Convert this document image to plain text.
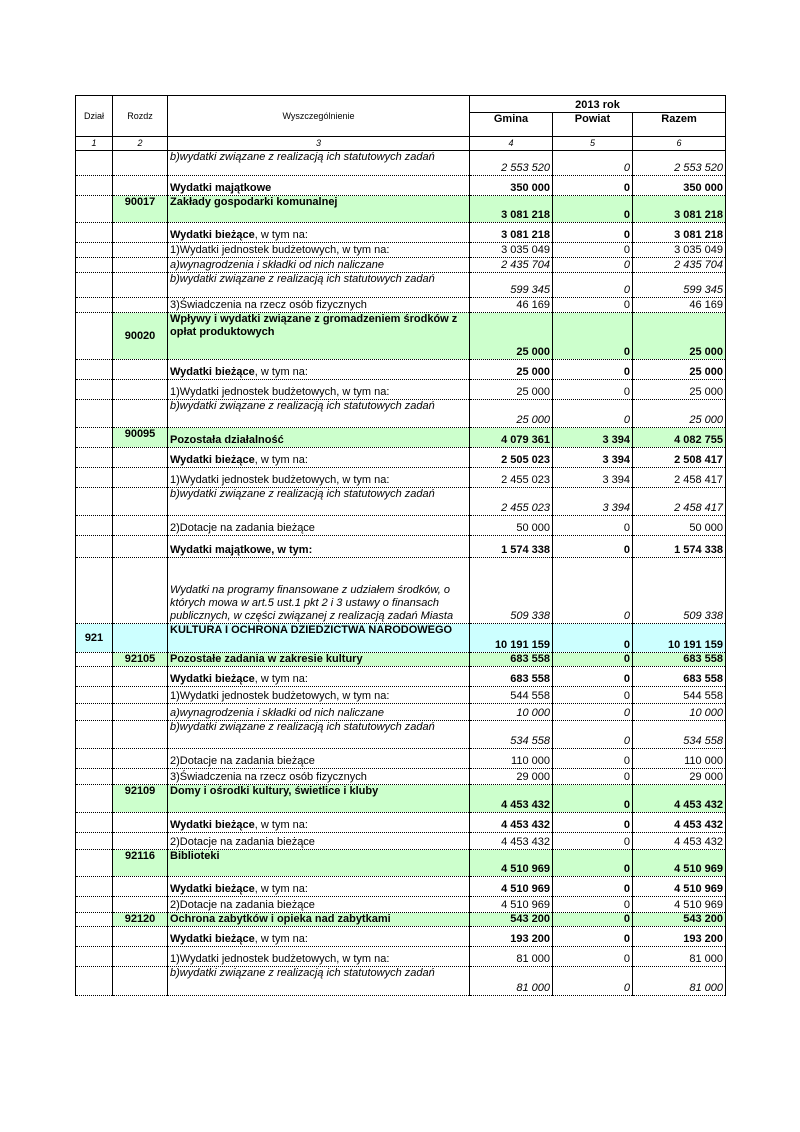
Dział	Rozdz	Wyszczególnienie	2013 rok		
			Gmina	Powiat	Razem
1	2	3	4	5	6
		b)wydatki związane z realizacją ich statutowych zadań	2 553 520	0	2 553 520
		Wydatki majątkowe	350 000	0	350 000
	90017	Zakłady gospodarki komunalnej	3 081 218	0	3 081 218
		Wydatki bieżące, w tym na:	3 081 218	0	3 081 218
		1)Wydatki jednostek budżetowych, w tym na:	3 035 049	0	3 035 049
		a)wynagrodzenia i składki od nich naliczane	2 435 704	0	2 435 704
		b)wydatki związane z realizacją ich statutowych zadań	599 345	0	599 345
		3)Świadczenia na rzecz osób fizycznych	46 169	0	46 169
	90020	Wpływy i wydatki związane z gromadzeniem środków z opłat produktowych	25 000	0	25 000
		Wydatki bieżące, w tym na:	25 000	0	25 000
		1)Wydatki jednostek budżetowych, w tym na:	25 000	0	25 000
		b)wydatki związane z realizacją ich statutowych zadań	25 000	0	25 000
	90095	Pozostała działalność	4 079 361	3 394	4 082 755
		Wydatki bieżące, w tym na:	2 505 023	3 394	2 508 417
		1)Wydatki jednostek budżetowych, w tym na:	2 455 023	3 394	2 458 417
		b)wydatki związane z realizacją ich statutowych zadań	2 455 023	3 394	2 458 417
		2)Dotacje na zadania bieżące	50 000	0	50 000
		Wydatki majątkowe, w tym:	1 574 338	0	1 574 338
		Wydatki na programy finansowane z udziałem środków, o których mowa w art.5 ust.1 pkt 2 i 3 ustawy o finansach publicznych, w części związanej z realizacją zadań Miasta	509 338	0	509 338
921		KULTURA I OCHRONA DZIEDZICTWA NARODOWEGO	10 191 159	0	10 191 159
	92105	Pozostałe zadania w zakresie kultury	683 558	0	683 558
		Wydatki bieżące, w tym na:	683 558	0	683 558
		1)Wydatki jednostek budżetowych, w tym na:	544 558	0	544 558
		a)wynagrodzenia i składki od nich naliczane	10 000	0	10 000
		b)wydatki związane z realizacją ich statutowych zadań	534 558	0	534 558
		2)Dotacje na zadania bieżące	110 000	0	110 000
		3)Świadczenia na rzecz osób fizycznych	29 000	0	29 000
	92109	Domy i ośrodki kultury, świetlice i kluby	4 453 432	0	4 453 432
		Wydatki bieżące, w tym na:	4 453 432	0	4 453 432
		2)Dotacje na zadania bieżące	4 453 432	0	4 453 432
	92116	Biblioteki	4 510 969	0	4 510 969
		Wydatki bieżące, w tym na:	4 510 969	0	4 510 969
		2)Dotacje na zadania bieżące	4 510 969	0	4 510 969
	92120	Ochrona zabytków i opieka nad zabytkami	543 200	0	543 200
		Wydatki bieżące, w tym na:	193 200	0	193 200
		1)Wydatki jednostek budżetowych, w tym na:	81 000	0	81 000
		b)wydatki związane z realizacją ich statutowych zadań	81 000	0	81 000
